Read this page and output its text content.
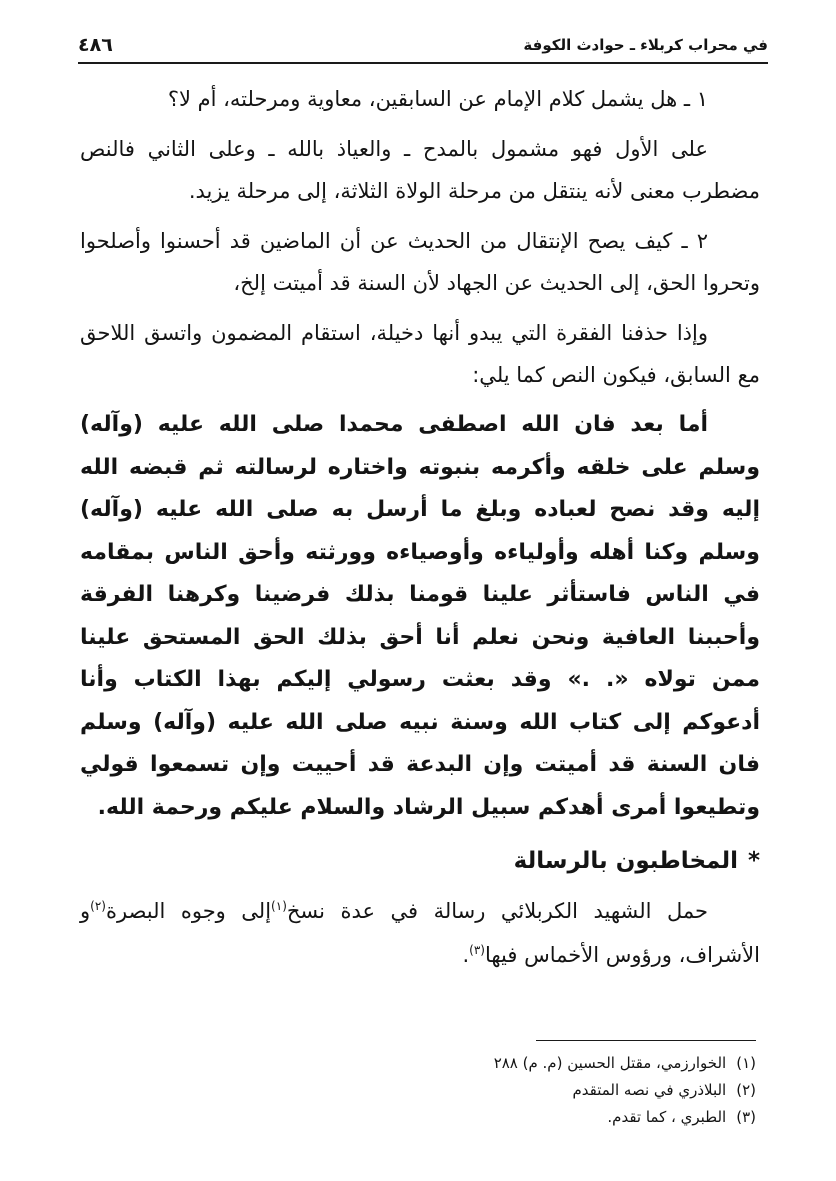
في محراب كربلاء ـ حوادث الكوفة
٤٨٦

١ ـ هل يشمل كلام الإمام عن السابقين، معاوية ومرحلته، أم لا؟

على الأول فهو مشمول بالمدح ـ والعياذ بالله ـ وعلى الثاني فالنص مضطرب معنى لأنه ينتقل من مرحلة الولاة الثلاثة، إلى مرحلة يزيد.

٢ ـ كيف يصح الإنتقال من الحديث عن أن الماضين قد أحسنوا وأصلحوا وتحروا الحق، إلى الحديث عن الجهاد لأن السنة قد أميتت إلخ،

وإذا حذفنا الفقرة التي يبدو أنها دخيلة، استقام المضمون واتسق اللاحق مع السابق، فيكون النص كما يلي:

أما بعد فان الله اصطفى محمدا صلى الله عليه (وآله) وسلم على خلقه وأكرمه بنبوته واختاره لرسالته ثم قبضه الله إليه وقد نصح لعباده وبلغ ما أرسل به صلى الله عليه (وآله) وسلم وكنا أهله وأولياءه وأوصياءه وورثته وأحق الناس بمقامه في الناس فاستأثر علينا قومنا بذلك فرضينا وكرهنا الفرقة وأحببنا العافية ونحن نعلم أنا أحق بذلك الحق المستحق علينا ممن تولاه «. .» وقد بعثت رسولي إليكم بهذا الكتاب وأنا أدعوكم إلى كتاب الله وسنة نبيه صلى الله عليه (وآله) وسلم فان السنة قد أميتت وإن البدعة قد أحييت وإن تسمعوا قولي وتطيعوا أمرى أهدكم سبيل الرشاد والسلام عليكم ورحمة الله.

*المخاطبون بالرسالة

حمل الشهيد الكربلائي رسالة في عدة نسخ$^{(١)}$إلى وجوه البصرة$^{(٢)}$و الأشراف، ورؤوس الأخماس فيها$^{(٣)}$.

(١)الخوارزمي، مقتل الحسين (م. م) ٢٨٨
(٢)البلاذري في نصه المتقدم
(٣)الطبري ، كما تقدم.
